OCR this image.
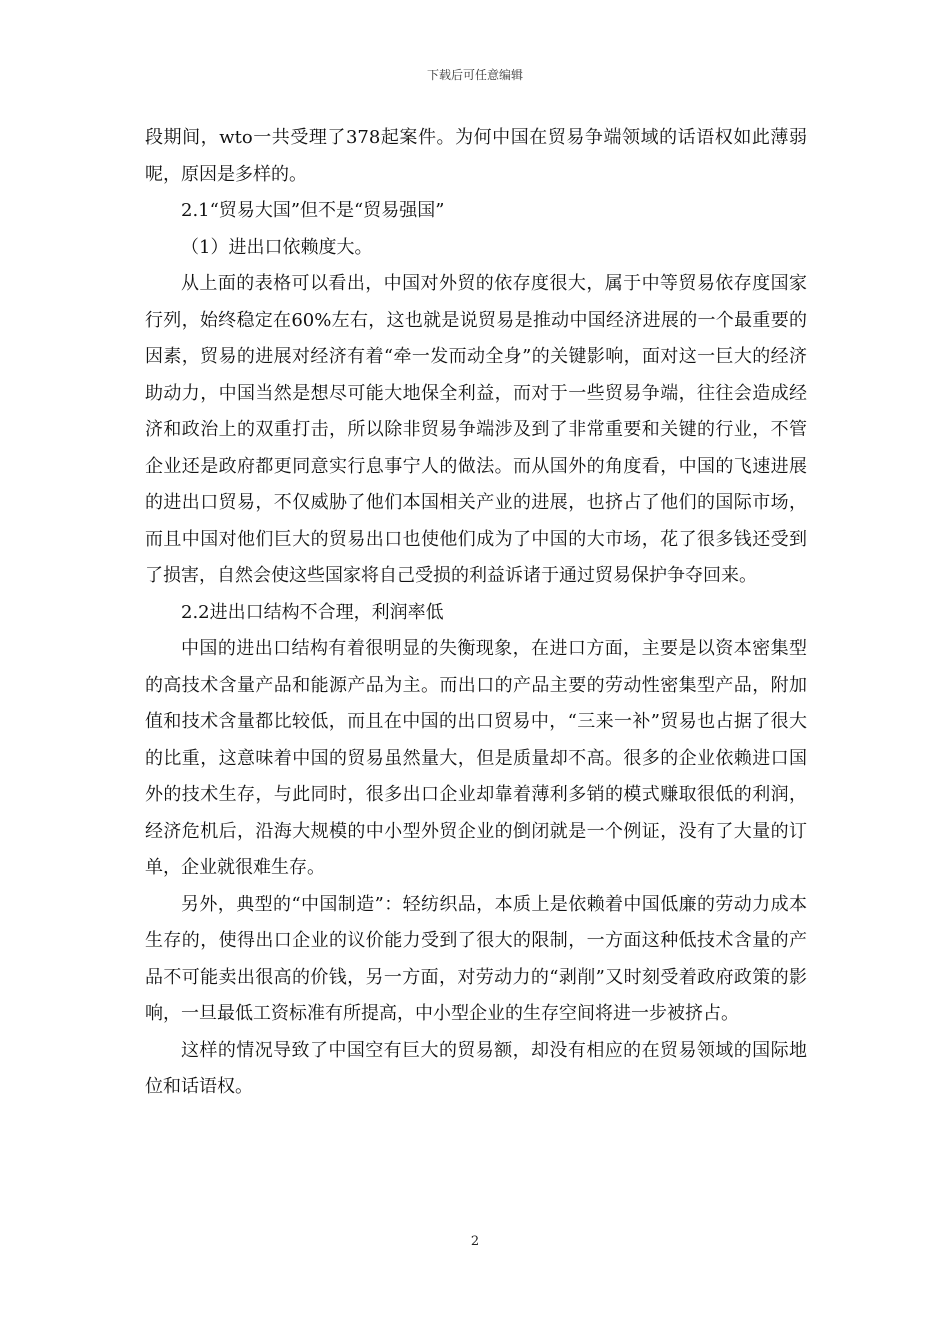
下载后可任意编辑

段期间，wto一共受理了378起案件。为何中国在贸易争端领域的话语权如此薄弱呢，原因是多样的。

2.1“贸易大国”但不是“贸易强国”

（1）进出口依赖度大。

从上面的表格可以看出，中国对外贸的依存度很大，属于中等贸易依存度国家行列，始终稳定在60%左右，这也就是说贸易是推动中国经济进展的一个最重要的因素，贸易的进展对经济有着“牵一发而动全身”的关键影响，面对这一巨大的经济助动力，中国当然是想尽可能大地保全利益，而对于一些贸易争端，往往会造成经济和政治上的双重打击，所以除非贸易争端涉及到了非常重要和关键的行业，不管企业还是政府都更同意实行息事宁人的做法。而从国外的角度看，中国的飞速进展的进出口贸易，不仅威胁了他们本国相关产业的进展，也挤占了他们的国际市场，而且中国对他们巨大的贸易出口也使他们成为了中国的大市场，花了很多钱还受到了损害，自然会使这些国家将自己受损的利益诉诸于通过贸易保护争夺回来。

2.2进出口结构不合理，利润率低

中国的进出口结构有着很明显的失衡现象，在进口方面，主要是以资本密集型的高技术含量产品和能源产品为主。而出口的产品主要的劳动性密集型产品，附加值和技术含量都比较低，而且在中国的出口贸易中，“三来一补”贸易也占据了很大的比重，这意味着中国的贸易虽然量大，但是质量却不高。很多的企业依赖进口国外的技术生存，与此同时，很多出口企业却靠着薄利多销的模式赚取很低的利润，经济危机后，沿海大规模的中小型外贸企业的倒闭就是一个例证，没有了大量的订单，企业就很难生存。

另外，典型的“中国制造”：轻纺织品，本质上是依赖着中国低廉的劳动力成本生存的，使得出口企业的议价能力受到了很大的限制，一方面这种低技术含量的产品不可能卖出很高的价钱，另一方面，对劳动力的“剥削”又时刻受着政府政策的影响，一旦最低工资标准有所提高，中小型企业的生存空间将进一步被挤占。

这样的情况导致了中国空有巨大的贸易额，却没有相应的在贸易领域的国际地位和话语权。

2
